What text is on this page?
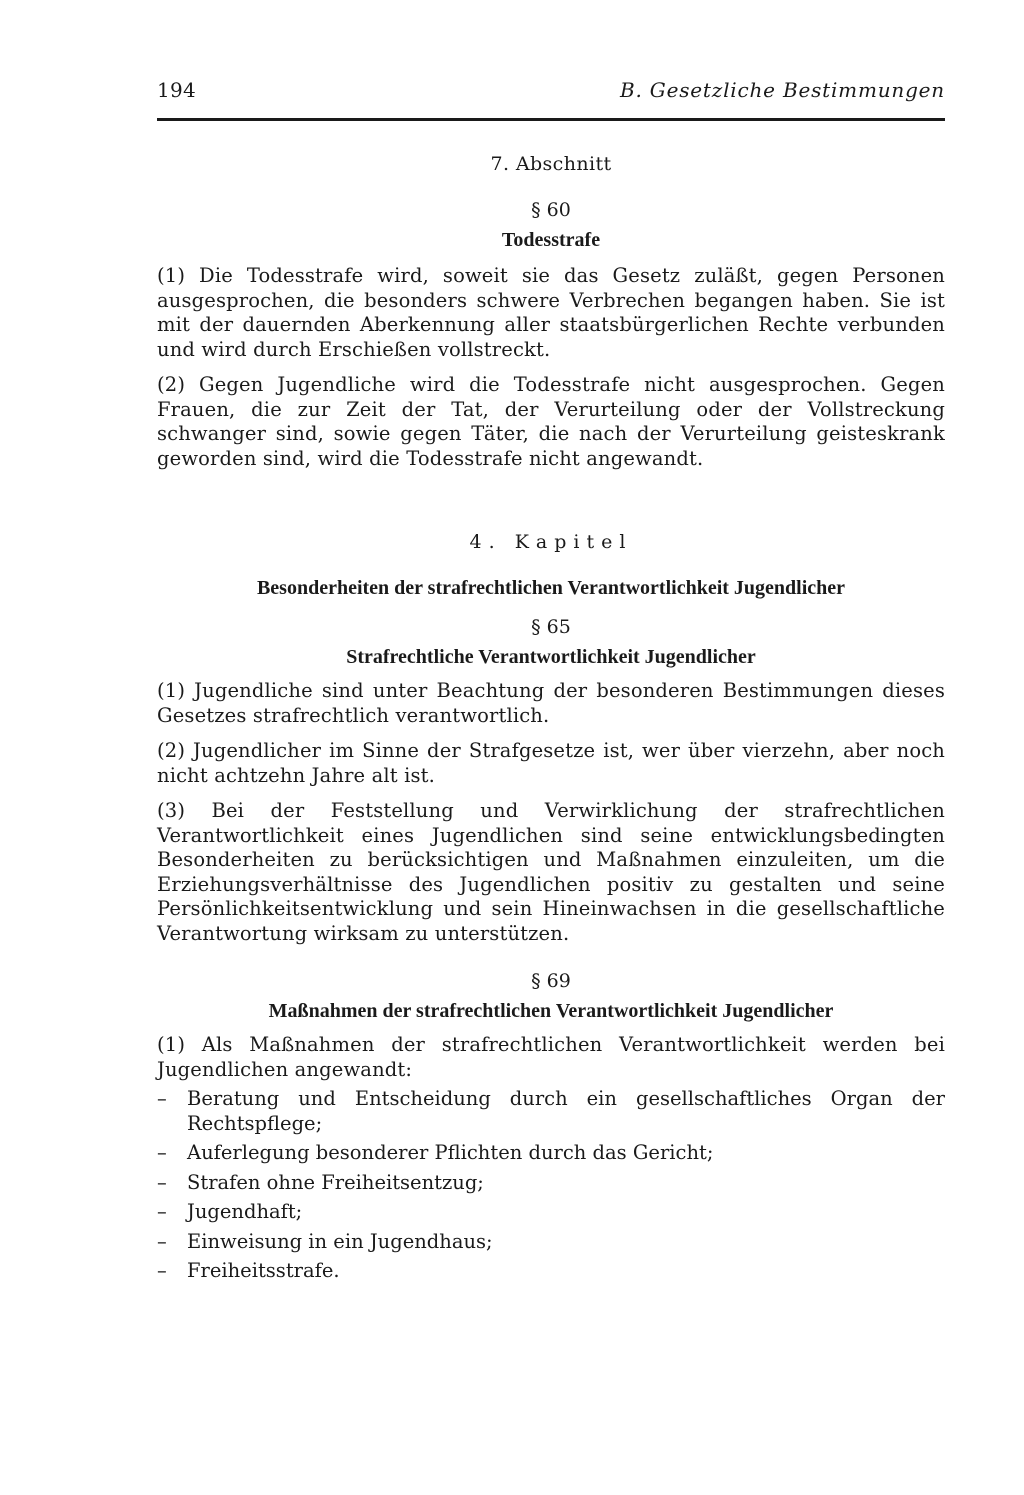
194	B. Gesetzliche Bestimmungen
7. Abschnitt
§ 60
Todesstrafe

(1) Die Todesstrafe wird, soweit sie das Gesetz zuläßt, gegen Personen ausgesprochen, die besonders schwere Verbrechen begangen haben. Sie ist mit der dauernden Aberkennung aller staatsbürgerlichen Rechte verbunden und wird durch Erschießen vollstreckt.

(2) Gegen Jugendliche wird die Todesstrafe nicht ausgesprochen. Gegen Frauen, die zur Zeit der Tat, der Verurteilung oder der Vollstreckung schwanger sind, sowie gegen Täter, die nach der Verurteilung geisteskrank geworden sind, wird die Todesstrafe nicht angewandt.

4. Kapitel
Besonderheiten der strafrechtlichen Verantwortlichkeit Jugendlicher
§ 65
Strafrechtliche Verantwortlichkeit Jugendlicher

(1) Jugendliche sind unter Beachtung der besonderen Bestimmungen dieses Gesetzes strafrechtlich verantwortlich.

(2) Jugendlicher im Sinne der Strafgesetze ist, wer über vierzehn, aber noch nicht achtzehn Jahre alt ist.

(3) Bei der Feststellung und Verwirklichung der strafrechtlichen Verantwortlichkeit eines Jugendlichen sind seine entwicklungsbedingten Besonderheiten zu berücksichtigen und Maßnahmen einzuleiten, um die Erziehungsverhältnisse des Jugendlichen positiv zu gestalten und seine Persönlichkeitsentwicklung und sein Hineinwachsen in die gesellschaftliche Verantwortung wirksam zu unterstützen.

§ 69
Maßnahmen der strafrechtlichen Verantwortlichkeit Jugendlicher

(1) Als Maßnahmen der strafrechtlichen Verantwortlichkeit werden bei Jugendlichen angewandt:

– Beratung und Entscheidung durch ein gesellschaftliches Organ der Rechtspflege;
– Auferlegung besonderer Pflichten durch das Gericht;
– Strafen ohne Freiheitsentzug;
– Jugendhaft;
– Einweisung in ein Jugendhaus;
– Freiheitsstrafe.
